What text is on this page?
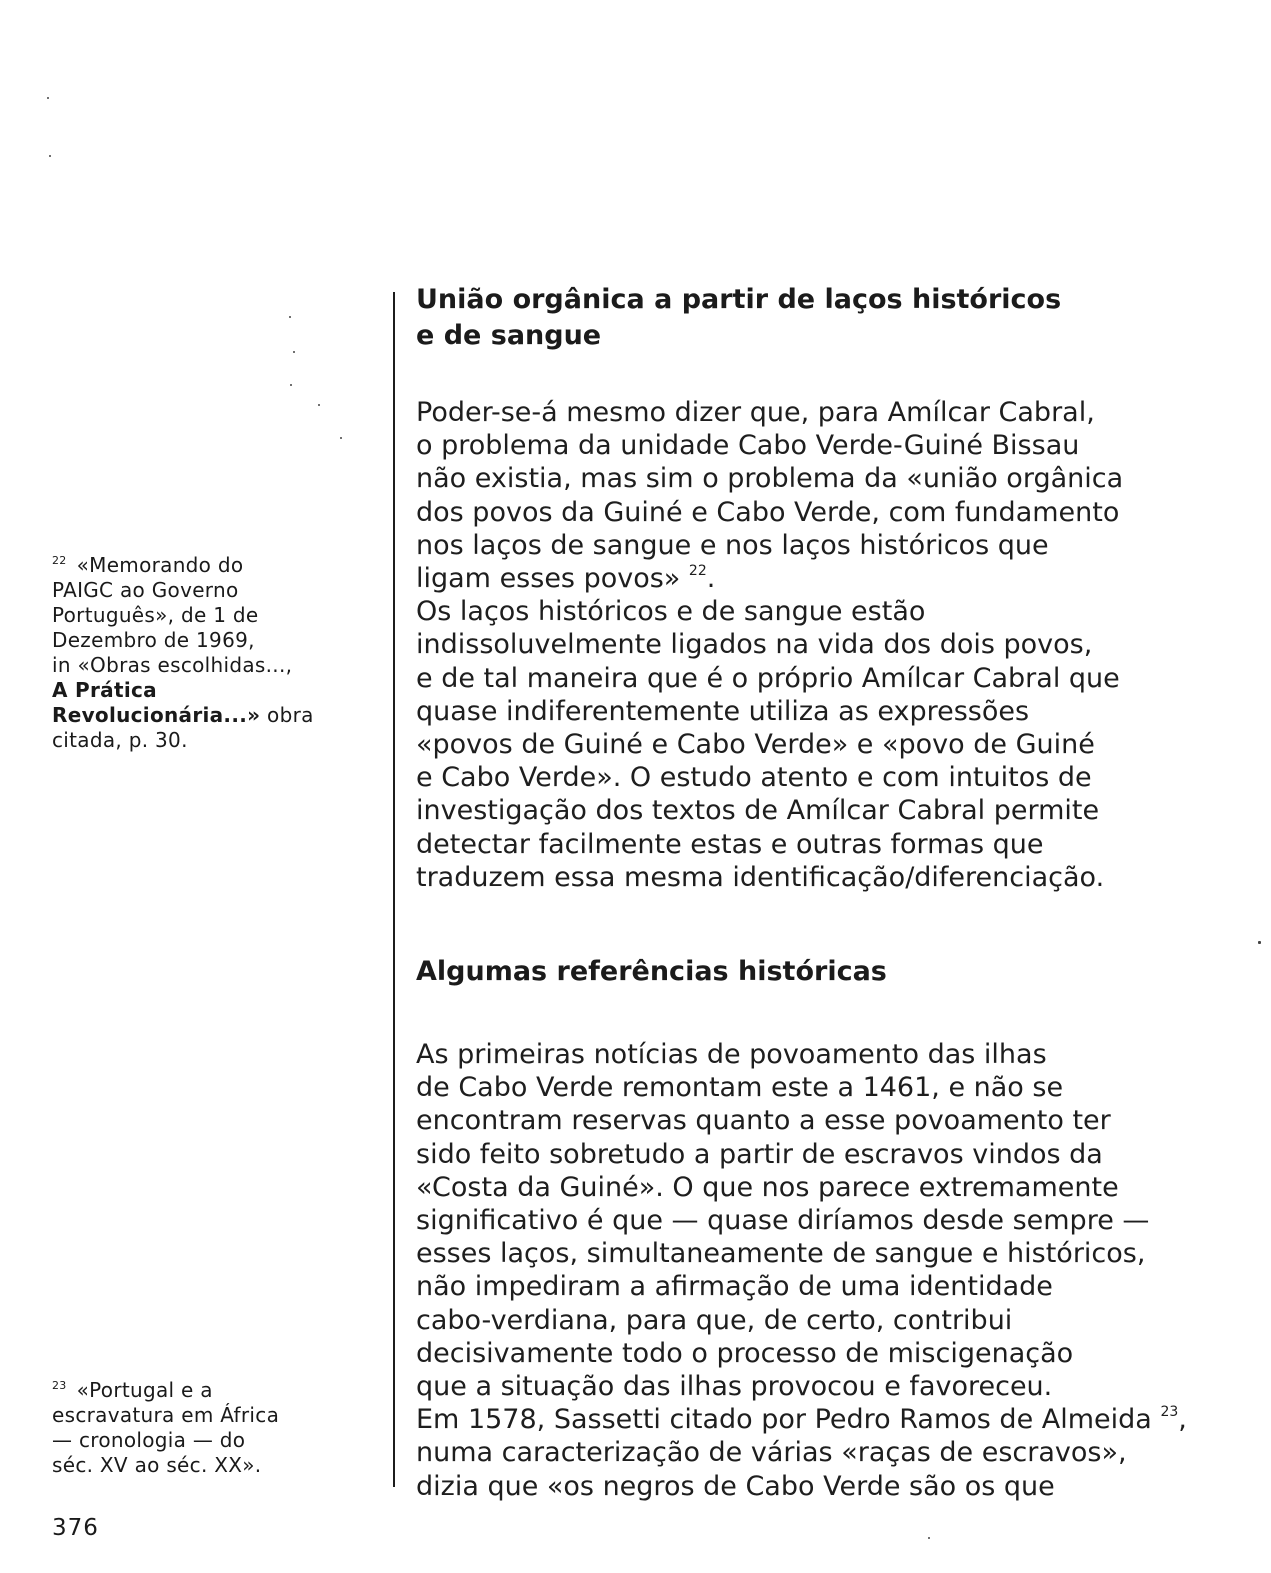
União orgânica a partir de laços históricos
e de sangue
Poder-se-á mesmo dizer que, para Amílcar Cabral,
o problema da unidade Cabo Verde-Guiné Bissau
não existia, mas sim o problema da «união orgânica
dos povos da Guiné e Cabo Verde, com fundamento
nos laços de sangue e nos laços históricos que
ligam esses povos» $^{22}$.
Os laços históricos e de sangue estão
indissoluvelmente ligados na vida dos dois povos,
e de tal maneira que é o próprio Amílcar Cabral que
quase indiferentemente utiliza as expressões
«povos de Guiné e Cabo Verde» e «povo de Guiné
e Cabo Verde». O estudo atento e com intuitos de
investigação dos textos de Amílcar Cabral permite
detectar facilmente estas e outras formas que
traduzem essa mesma identificação/diferenciação.
Algumas referências históricas
As primeiras notícias de povoamento das ilhas
de Cabo Verde remontam este a 1461, e não se
encontram reservas quanto a esse povoamento ter
sido feito sobretudo a partir de escravos vindos da
«Costa da Guiné». O que nos parece extremamente
significativo é que — quase diríamos desde sempre —
esses laços, simultaneamente de sangue e históricos,
não impediram a afirmação de uma identidade
cabo-verdiana, para que, de certo, contribui
decisivamente todo o processo de miscigenação
que a situação das ilhas provocou e favoreceu.
Em 1578, Sassetti citado por Pedro Ramos de Almeida $^{23}$,
numa caracterização de várias «raças de escravos»,
dizia que «os negros de Cabo Verde são os que
$^{22}$ «Memorando do
PAIGC ao Governo
Português», de 1 de
Dezembro de 1969,
in «Obras escolhidas...,
A Prática
Revolucionária...» obra
citada, p. 30.
$^{23}$ «Portugal e a
escravatura em África
— cronologia — do
séc. XV ao séc. XX».
376
